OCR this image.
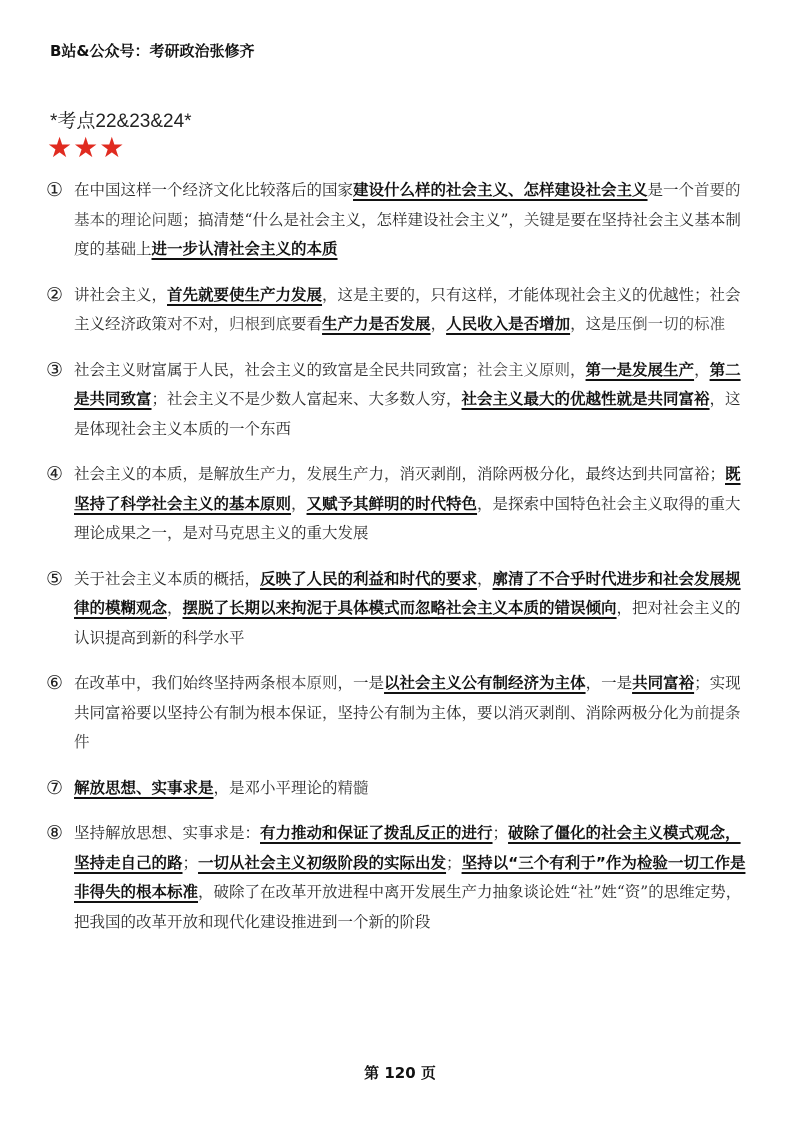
B站&公众号：考研政治张修齐
*考点22&23&24*
★★★
① 在中国这样一个经济文化比较落后的国家建设什么样的社会主义、怎样建设社会主义是一个首要的基本的理论问题；搞清楚“什么是社会主义，怎样建设社会主义”，关键是要在坚持社会主义基本制度的基础上进一步认清社会主义的本质
② 讲社会主义，首先就要使生产力发展，这是主要的，只有这样，才能体现社会主义的优越性；社会主义经济政策对不对，归根到底要看生产力是否发展，人民收入是否增加，这是压倒一切的标准
③ 社会主义财富属于人民，社会主义的致富是全民共同致富；社会主义原则，第一是发展生产，第二是共同致富；社会主义不是少数人富起来、大多数人穷，社会主义最大的优越性就是共同富裕，这是体现社会主义本质的一个东西
④ 社会主义的本质，是解放生产力，发展生产力，消灭剥削，消除两极分化，最终达到共同富裕；既坚持了科学社会主义的基本原则，又赋予其鲜明的时代特色，是探索中国特色社会主义取得的重大理论成果之一，是对马克思主义的重大发展
⑤ 关于社会主义本质的概括，反映了人民的利益和时代的要求，廓清了不合乎时代进步和社会发展规律的模糊观念，摆脱了长期以来拘泥于具体模式而忽略社会主义本质的错误倾向，把对社会主义的认识提高到新的科学水平
⑥ 在改革中，我们始终坚持两条根本原则，一是以社会主义公有制经济为主体，一是共同富裕；实现共同富裕要以坚持公有制为根本保证，坚持公有制为主体，要以消灭剥削、消除两极分化为前提条件
⑦ 解放思想、实事求是，是邓小平理论的精髓
⑧ 坚持解放思想、实事求是：有力推动和保证了拨乱反正的进行；破除了僵化的社会主义模式观念，坚持走自己的路；一切从社会主义初级阶段的实际出发；坚持以“三个有利于”作为检验一切工作是非得失的根本标准，破除了在改革开放进程中离开发展生产力抽象谈论姓“社”姓“资”的思维定势，把我国的改革开放和现代化建设推进到一个新的阶段
第 120 页
